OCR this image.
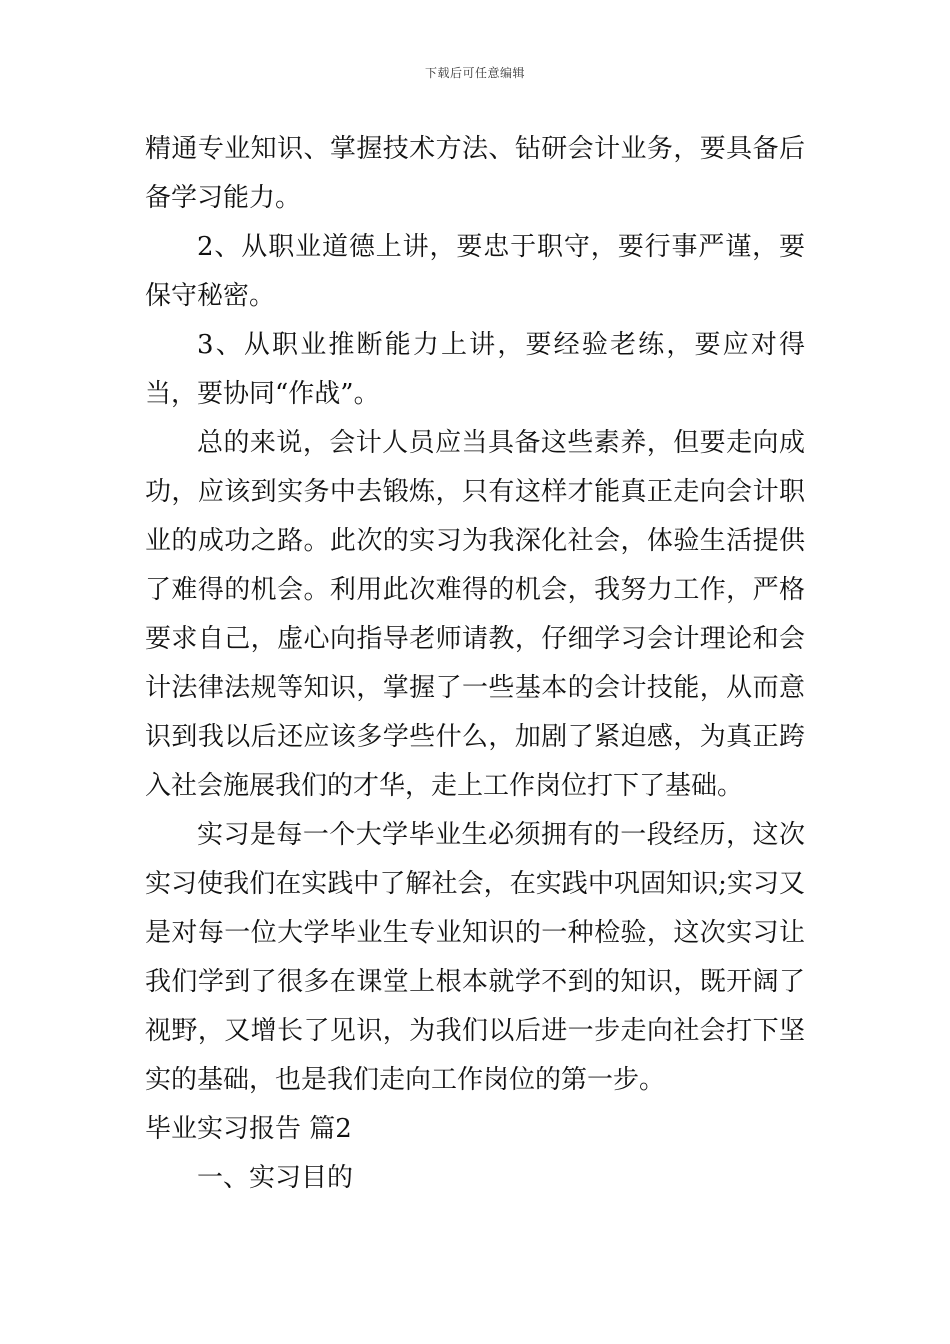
下载后可任意编辑

精通专业知识、掌握技术方法、钻研会计业务，要具备后备学习能力。

2、从职业道德上讲，要忠于职守，要行事严谨，要保守秘密。

3、从职业推断能力上讲，要经验老练，要应对得当，要协同“作战”。

总的来说，会计人员应当具备这些素养，但要走向成功，应该到实务中去锻炼，只有这样才能真正走向会计职业的成功之路。此次的实习为我深化社会，体验生活提供了难得的机会。利用此次难得的机会，我努力工作，严格要求自己，虚心向指导老师请教，仔细学习会计理论和会计法律法规等知识，掌握了一些基本的会计技能，从而意识到我以后还应该多学些什么，加剧了紧迫感，为真正跨入社会施展我们的才华，走上工作岗位打下了基础。

实习是每一个大学毕业生必须拥有的一段经历，这次实习使我们在实践中了解社会，在实践中巩固知识;实习又是对每一位大学毕业生专业知识的一种检验，这次实习让我们学到了很多在课堂上根本就学不到的知识，既开阔了视野，又增长了见识，为我们以后进一步走向社会打下坚实的基础，也是我们走向工作岗位的第一步。

毕业实习报告 篇2

一、实习目的
